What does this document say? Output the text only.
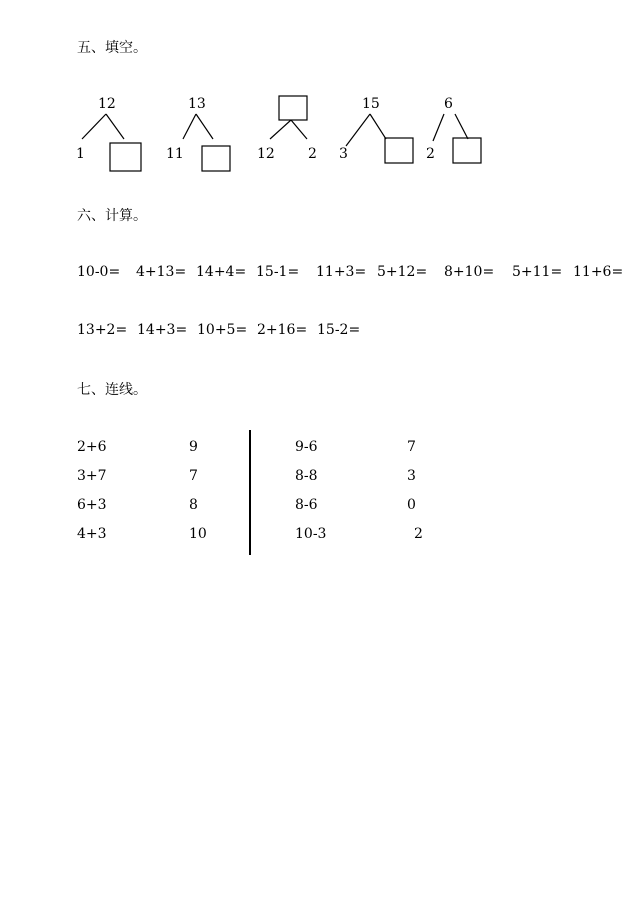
五、填空。
12
1
13
11	12 2
15
3
6
2
六、计算。
10-0= 4+13= 14+4= 15-1= 11+3= 5+12= 8+10= 5+11= 11+6=
13+2= 14+3= 10+5= 2+16= 15-2=
七、连线。
2+6
3+7
6+3
4+3
9
7
8
10
9-6
8-8
8-6
10-3
7
3
0
2
